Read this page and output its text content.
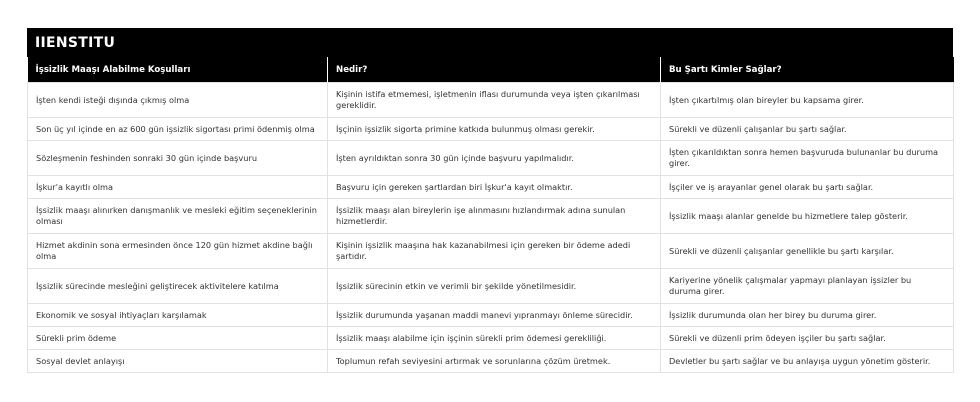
IIENSTITU
İşsizlik Maaşı Alabilme Koşulları	Nedir?	Bu Şartı Kimler Sağlar?
İşten kendi isteği dışında çıkmış olma	Kişinin istifa etmemesi, işletmenin iflası durumunda veya işten çıkarılması gereklidir.	İşten çıkartılmış olan bireyler bu kapsama girer.
Son üç yıl içinde en az 600 gün işsizlik sigortası primi ödenmiş olma	İşçinin işsizlik sigorta primine katkıda bulunmuş olması gerekir.	Sürekli ve düzenli çalışanlar bu şartı sağlar.
Sözleşmenin feshinden sonraki 30 gün içinde başvuru	İşten ayrıldıktan sonra 30 gün içinde başvuru yapılmalıdır.	İşten çıkarıldıktan sonra hemen başvuruda bulunanlar bu duruma girer.
İşkur'a kayıtlı olma	Başvuru için gereken şartlardan biri İşkur'a kayıt olmaktır.	İşçiler ve iş arayanlar genel olarak bu şartı sağlar.
İşsizlik maaşı alınırken danışmanlık ve mesleki eğitim seçeneklerinin olması	İşsizlik maaşı alan bireylerin işe alınmasını hızlandırmak adına sunulan hizmetlerdir.	İşsizlik maaşı alanlar genelde bu hizmetlere talep gösterir.
Hizmet akdinin sona ermesinden önce 120 gün hizmet akdine bağlı olma	Kişinin işsizlik maaşına hak kazanabilmesi için gereken bir ödeme adedi şartıdır.	Sürekli ve düzenli çalışanlar genellikle bu şartı karşılar.
İşsizlik sürecinde mesleğini geliştirecek aktivitelere katılma	İşsizlik sürecinin etkin ve verimli bir şekilde yönetilmesidir.	Kariyerine yönelik çalışmalar yapmayı planlayan işsizler bu duruma girer.
Ekonomik ve sosyal ihtiyaçları karşılamak	İşsizlik durumunda yaşanan maddi manevi yıpranmayı önleme sürecidir.	İşsizlik durumunda olan her birey bu duruma girer.
Sürekli prim ödeme	İşsizlik maaşı alabilme için işçinin sürekli prim ödemesi gerekliliği.	Sürekli ve düzenli prim ödeyen işçiler bu şartı sağlar.
Sosyal devlet anlayışı	Toplumun refah seviyesini artırmak ve sorunlarına çözüm üretmek.	Devletler bu şartı sağlar ve bu anlayışa uygun yönetim gösterir.
